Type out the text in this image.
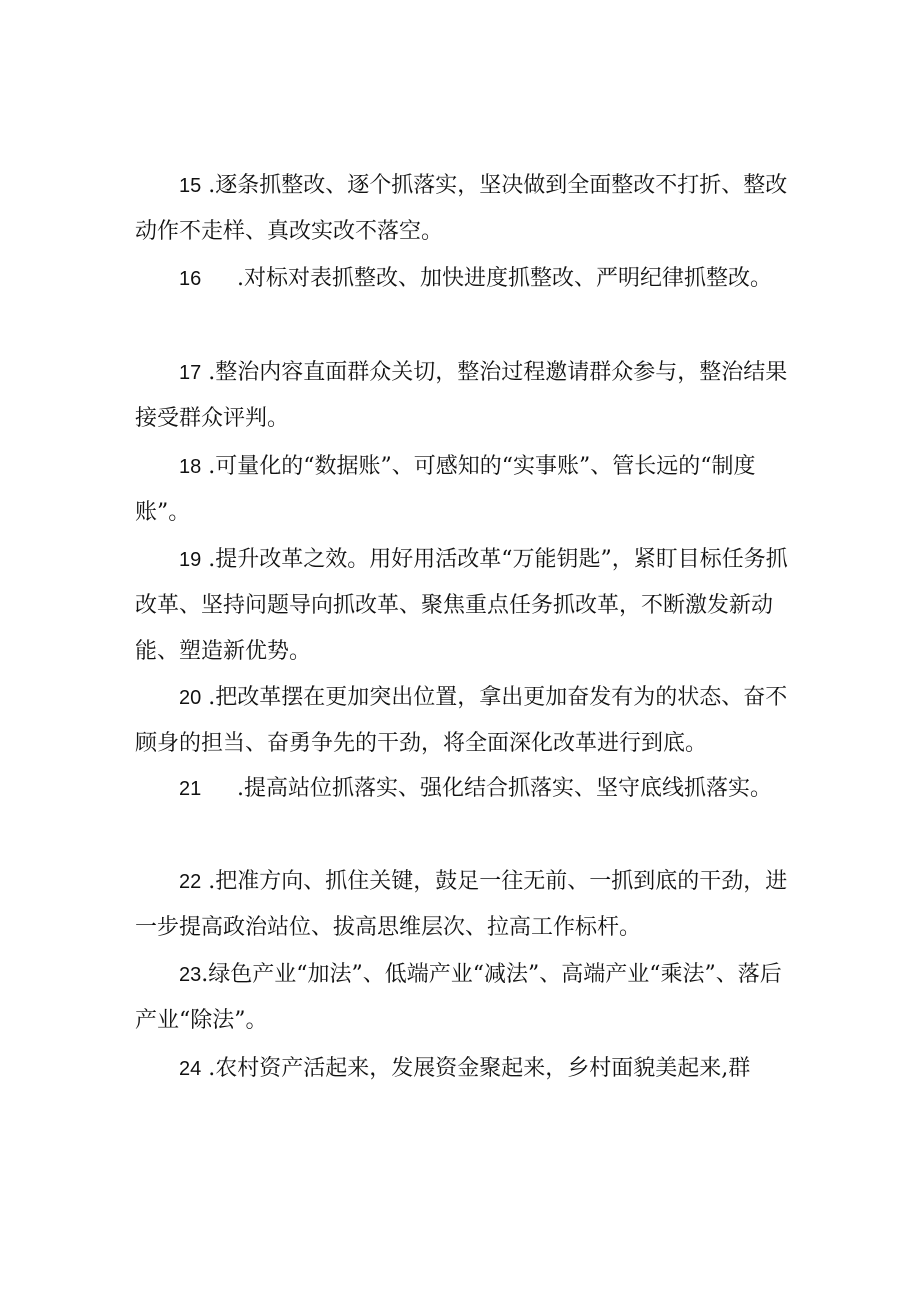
15 .逐条抓整改、逐个抓落实，坚决做到全面整改不打折、整改动作不走样、真改实改不落空。

16 .对标对表抓整改、加快进度抓整改、严明纪律抓整改。

17 .整治内容直面群众关切，整治过程邀请群众参与，整治结果接受群众评判。

18 .可量化的“数据账”、可感知的“实事账”、管长远的“制度账”。

19 .提升改革之效。用好用活改革“万能钥匙”，紧盯目标任务抓改革、坚持问题导向抓改革、聚焦重点任务抓改革，不断激发新动能、塑造新优势。

20 .把改革摆在更加突出位置，拿出更加奋发有为的状态、奋不顾身的担当、奋勇争先的干劲，将全面深化改革进行到底。

21 .提高站位抓落实、强化结合抓落实、坚守底线抓落实。

22 .把准方向、抓住关键，鼓足一往无前、一抓到底的干劲，进一步提高政治站位、拔高思维层次、拉高工作标杆。

23.绿色产业“加法”、低端产业“减法”、高端产业“乘法”、落后产业“除法”。

24 .农村资产活起来，发展资金聚起来，乡村面貌美起来,群
